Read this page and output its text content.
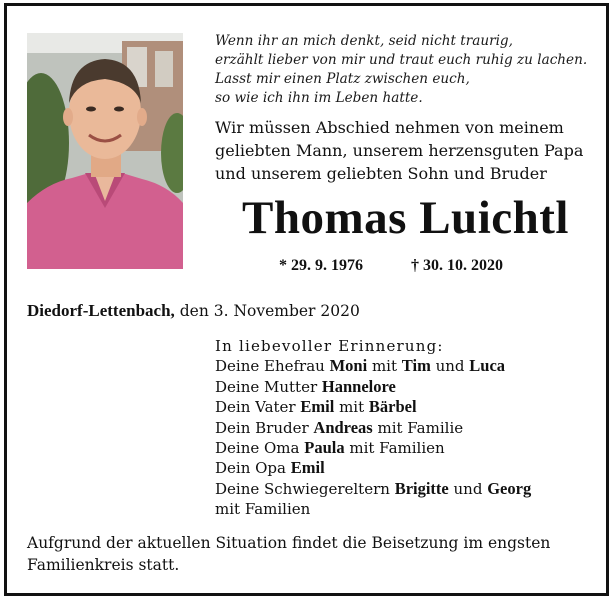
Wenn ihr an mich denkt, seid nicht traurig,
erzählt lieber von mir und traut euch ruhig zu lachen.
Lasst mir einen Platz zwischen euch,
so wie ich ihn im Leben hatte.
Wir müssen Abschied nehmen von meinem
geliebten Mann, unserem herzensguten Papa
und unserem geliebten Sohn und Bruder
Thomas Luichtl
* 29. 9. 1976	† 30. 10. 2020
Diedorf-Lettenbach, den 3. November 2020
In liebevoller Erinnerung:
Deine Ehefrau Moni mit Tim und Luca
Deine Mutter Hannelore
Dein Vater Emil mit Bärbel
Dein Bruder Andreas mit Familie
Deine Oma Paula mit Familien
Dein Opa Emil
Deine Schwiegereltern Brigitte und Georg
mit Familien
Aufgrund der aktuellen Situation findet die Beisetzung im engsten
Familienkreis statt.
